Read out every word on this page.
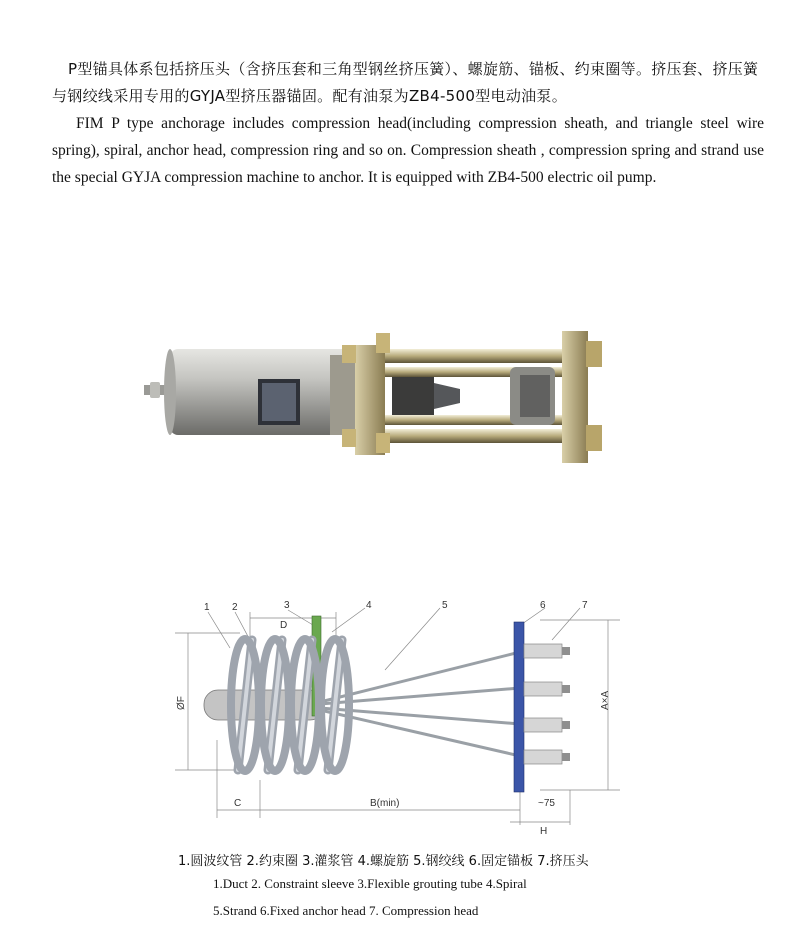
P型锚具体系包括挤压头（含挤压套和三角型钢丝挤压簧）、螺旋筋、锚板、约束圈等。挤压套、挤压簧与钢绞线采用专用的GYJA型挤压器锚固。配有油泵为ZB4-500型电动油泵。
FIM P type anchorage includes compression head(including compression sheath, and triangle steel wire spring), spiral, anchor head, compression ring and so on. Compression sheath , compression spring and strand use the special GYJA compression machine to anchor. It is equipped with ZB4-500 electric oil pump.
1 2	3	4	5	6	7
D
ØF	A×A
C	B(min)	~75
H
1.圆波纹管 2.约束圈 3.灌浆管 4.螺旋筋 5.钢绞线 6.固定锚板 7.挤压头
1.Duct 2. Constraint sleeve 3.Flexible grouting tube 4.Spiral
5.Strand 6.Fixed anchor head 7. Compression head
